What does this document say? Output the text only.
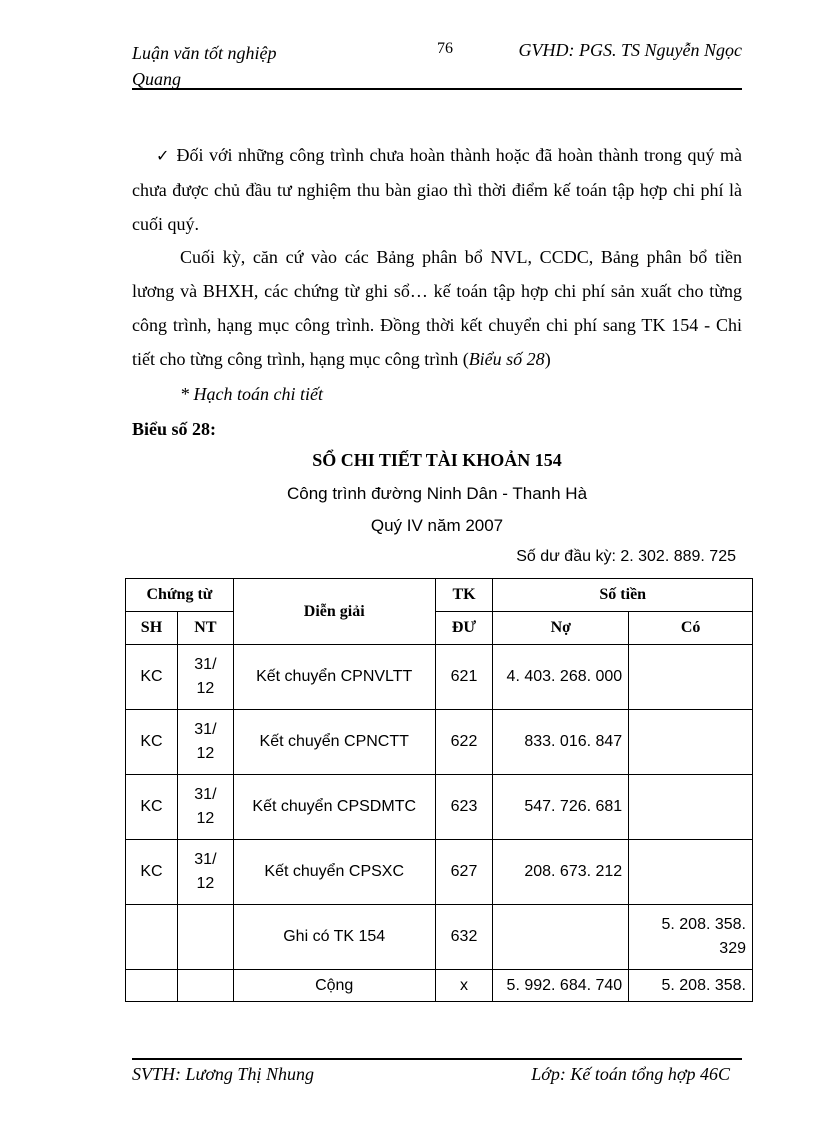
Luận văn tốt nghiệp Quang
76	GVHD: PGS. TS Nguyễn Ngọc

✓ Đối với những công trình chưa hoàn thành hoặc đã hoàn thành trong quý mà chưa được chủ đầu tư nghiệm thu bàn giao thì thời điểm kế toán tập hợp chi phí là cuối quý.

Cuối kỳ, căn cứ vào các Bảng phân bổ NVL, CCDC, Bảng phân bổ tiền lương và BHXH, các chứng từ ghi sổ… kế toán tập hợp chi phí sản xuất cho từng công trình, hạng mục công trình. Đồng thời kết chuyển chi phí sang TK 154 - Chi tiết cho từng công trình, hạng mục công trình (Biểu số 28)

* Hạch toán chi tiết

Biểu số 28:

SỔ CHI TIẾT TÀI KHOẢN 154

Công trình đường Ninh Dân - Thanh Hà

Quý IV năm 2007

Số dư đầu kỳ: 2. 302. 889. 725
Chứng từ		Diễn giải	TK	Số tiền	
SH	NT		ĐƯ	Nợ	Có
KC	31/
12	Kết chuyển CPNVLTT	621	4. 403. 268. 000	
KC	31/
12	Kết chuyển CPNCTT	622	833. 016. 847	
KC	31/
12	Kết chuyển CPSDMTC	623	547. 726. 681	
KC	31/
12	Kết chuyển CPSXC	627	208. 673. 212	
		Ghi có TK 154	632		5. 208. 358.
329
		Cộng	x	5. 992. 684. 740	5. 208. 358.
SVTH: Lương Thị Nhung	Lớp: Kế toán tổng hợp 46C
